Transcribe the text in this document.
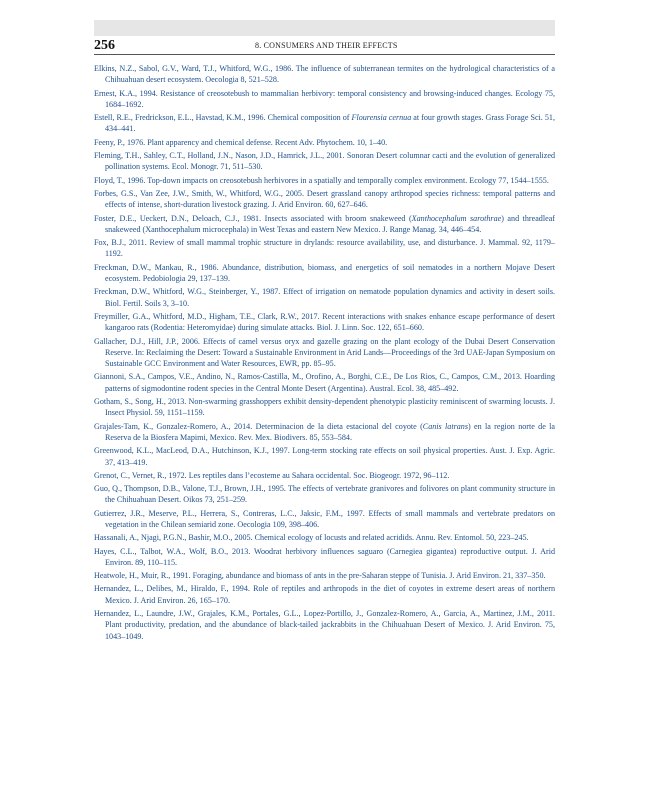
256	8. CONSUMERS AND THEIR EFFECTS

Elkins, N.Z., Sabol, G.V., Ward, T.J., Whitford, W.G., 1986. The influence of subterranean termites on the hydrological characteristics of a Chihuahuan desert ecosystem. Oecologia 8, 521–528.

Ernest, K.A., 1994. Resistance of creosotebush to mammalian herbivory: temporal consistency and browsing-induced changes. Ecology 75, 1684–1692.

Estell, R.E., Fredrickson, E.L., Havstad, K.M., 1996. Chemical composition of Flourensia cernua at four growth stages. Grass Forage Sci. 51, 434–441.

Feeny, P., 1976. Plant apparency and chemical defense. Recent Adv. Phytochem. 10, 1–40.

Fleming, T.H., Sahley, C.T., Holland, J.N., Nason, J.D., Hamrick, J.L., 2001. Sonoran Desert columnar cacti and the evolution of generalized pollination systems. Ecol. Monogr. 71, 511–530.

Floyd, T., 1996. Top-down impacts on creosotebush herbivores in a spatially and temporally complex environment. Ecology 77, 1544–1555.

Forbes, G.S., Van Zee, J.W., Smith, W., Whitford, W.G., 2005. Desert grassland canopy arthropod species richness: temporal patterns and effects of intense, short-duration livestock grazing. J. Arid Environ. 60, 627–646.

Foster, D.E., Ueckert, D.N., Deloach, C.J., 1981. Insects associated with broom snakeweed (Xanthocephalum sarothrae) and threadleaf snakeweed (Xanthocephalum microcephala) in West Texas and eastern New Mexico. J. Range Manag. 34, 446–454.

Fox, B.J., 2011. Review of small mammal trophic structure in drylands: resource availability, use, and disturbance. J. Mammal. 92, 1179–1192.

Freckman, D.W., Mankau, R., 1986. Abundance, distribution, biomass, and energetics of soil nematodes in a northern Mojave Desert ecosystem. Pedobiologia 29, 137–139.

Freckman, D.W., Whitford, W.G., Steinberger, Y., 1987. Effect of irrigation on nematode population dynamics and activity in desert soils. Biol. Fertil. Soils 3, 3–10.

Freymiller, G.A., Whitford, M.D., Higham, T.E., Clark, R.W., 2017. Recent interactions with snakes enhance escape performance of desert kangaroo rats (Rodentia: Heteromyidae) during simulate attacks. Biol. J. Linn. Soc. 122, 651–660.

Gallacher, D.J., Hill, J.P., 2006. Effects of camel versus oryx and gazelle grazing on the plant ecology of the Dubai Desert Conservation Reserve. In: Reclaiming the Desert: Toward a Sustainable Environment in Arid Lands—Proceedings of the 3rd UAE-Japan Symposium on Sustainable GCC Environment and Water Resources, EWR, pp. 85–95.

Giannoni, S.A., Campos, V.E., Andino, N., Ramos-Castilla, M., Orofino, A., Borghi, C.E., De Los Rios, C., Campos, C.M., 2013. Hoarding patterns of sigmodontine rodent species in the Central Monte Desert (Argentina). Austral. Ecol. 38, 485–492.

Gotham, S., Song, H., 2013. Non-swarming grasshoppers exhibit density-dependent phenotypic plasticity reminiscent of swarming locusts. J. Insect Physiol. 59, 1151–1159.

Grajales-Tam, K., Gonzalez-Romero, A., 2014. Determinacion de la dieta estacional del coyote (Canis latrans) en la region norte de la Reserva de la Biosfera Mapimi, Mexico. Rev. Mex. Biodivers. 85, 553–584.

Greenwood, K.L., MacLeod, D.A., Hutchinson, K.J., 1997. Long-term stocking rate effects on soil physical properties. Aust. J. Exp. Agric. 37, 413–419.

Grenot, C., Vernet, R., 1972. Les reptiles dans l’ecosteme au Sahara occidental. Soc. Biogeogr. 1972, 96–112.

Guo, Q., Thompson, D.B., Valone, T.J., Brown, J.H., 1995. The effects of vertebrate granivores and folivores on plant community structure in the Chihuahuan Desert. Oikos 73, 251–259.

Gutierrez, J.R., Meserve, P.L., Herrera, S., Contreras, L.C., Jaksic, F.M., 1997. Effects of small mammals and vertebrate predators on vegetation in the Chilean semiarid zone. Oecologia 109, 398–406.

Hassanali, A., Njagi, P.G.N., Bashir, M.O., 2005. Chemical ecology of locusts and related acridids. Annu. Rev. Entomol. 50, 223–245.

Hayes, C.L., Talbot, W.A., Wolf, B.O., 2013. Woodrat herbivory influences saguaro (Carnegiea gigantea) reproductive output. J. Arid Environ. 89, 110–115.

Heatwole, H., Muir, R., 1991. Foraging, abundance and biomass of ants in the pre-Saharan steppe of Tunisia. J. Arid Environ. 21, 337–350.

Hernandez, L., Delibes, M., Hiraldo, F., 1994. Role of reptiles and arthropods in the diet of coyotes in extreme desert areas of northern Mexico. J. Arid Environ. 26, 165–170.

Hernandez, L., Laundre, J.W., Grajales, K.M., Portales, G.L., Lopez-Portillo, J., Gonzalez-Romero, A., Garcia, A., Martinez, J.M., 2011. Plant productivity, predation, and the abundance of black-tailed jackrabbits in the Chihuahuan Desert of Mexico. J. Arid Environ. 75, 1043–1049.
